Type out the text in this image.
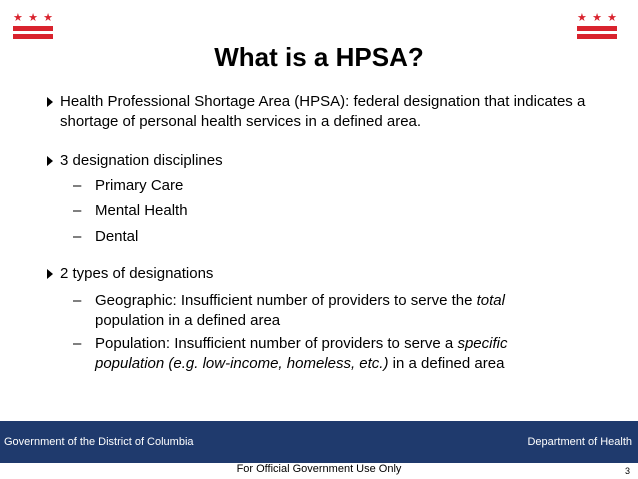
★ ★ ★	★ ★ ★
What is a HPSA?
Health Professional Shortage Area (HPSA): federal designation that indicates a shortage of personal health services in a defined area.
3 designation disciplines
– Primary Care
– Mental Health
– Dental
2 types of designations
– Geographic: Insufficient number of providers to serve the total population in a defined area
– Population: Insufficient number of providers to serve a specific population (e.g. low-income, homeless, etc.) in a defined area
Government of the District of Columbia	Department of Health
For Official Government Use Only	3
